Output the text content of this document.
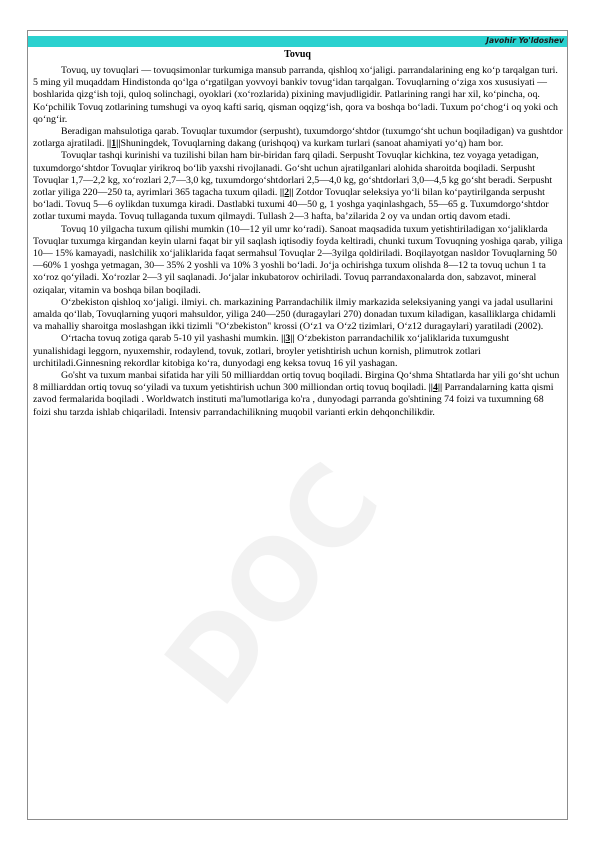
Javohir Yo'ldoshev
Tovuq
DOC

Tovuq, uy tovuqlari — tovuqsimonlar turkumiga mansub parranda, qishloq xo‘jaligi. parrandalarining eng ko‘p tarqalgan turi. 5 ming yil muqaddam Hindistonda qo‘lga o‘rgatilgan yovvoyi bankiv tovug‘idan tarqalgan. Tovuqlarning o‘ziga xos xususiyati — boshlarida qizg‘ish toji, quloq solinchagi, oyoklari (xo‘rozlarida) pixining mavjudligidir. Patlarining rangi har xil, ko‘pincha, oq. Ko‘pchilik Tovuq zotlarining tumshugi va oyoq kafti sariq, qisman oqqizg‘ish, qora va boshqa bo‘ladi. Tuxum po‘chog‘i oq yoki och qo‘ng‘ir.

Beradigan mahsulotiga qarab. Tovuqlar tuxumdor (serpusht), tuxumdorgo‘shtdor (tuxumgo‘sht uchun boqiladigan) va gushtdor zotlarga ajratiladi. ||1||Shuningdek, Tovuqlarning dakang (urishqoq) va kurkam turlari (sanoat ahamiyati yo‘q) ham bor.

Tovuqlar tashqi kurinishi va tuzilishi bilan ham bir-biridan farq qiladi. Serpusht Tovuqlar kichkina, tez voyaga yetadigan, tuxumdorgo‘shtdor Tovuqlar yirikroq bo‘lib yaxshi rivojlanadi. Go‘sht uchun ajratilganlari alohida sharoitda boqiladi. Serpusht Tovuqlar 1,7—2,2 kg, xo‘rozlari 2,7—3,0 kg, tuxumdorgo‘shtdorlari 2,5—4,0 kg, go‘shtdorlari 3,0—4,5 kg go‘sht beradi. Serpusht zotlar yiliga 220—250 ta, ayrimlari 365 tagacha tuxum qiladi. ||2|| Zotdor Tovuqlar seleksiya yo‘li bilan ko‘paytirilganda serpusht bo‘ladi. Tovuq 5—6 oylikdan tuxumga kiradi. Dastlabki tuxumi 40—50 g, 1 yoshga yaqinlashgach, 55—65 g. Tuxumdorgo‘shtdor zotlar tuxumi mayda. Tovuq tullaganda tuxum qilmaydi. Tullash 2—3 hafta, ba’zilarida 2 oy va undan ortiq davom etadi.

Tovuq 10 yilgacha tuxum qilishi mumkin (10—12 yil umr ko‘radi). Sanoat maqsadida tuxum yetishtiriladigan xo‘jaliklarda Tovuqlar tuxumga kirgandan keyin ularni faqat bir yil saqlash iqtisodiy foyda keltiradi, chunki tuxum Tovuqning yoshiga qarab, yiliga 10— 15% kamayadi, naslchilik xo‘jaliklarida faqat sermahsul Tovuqlar 2—3yilga qoldiriladi. Boqilayotgan nasldor Tovuqlarning 50—60% 1 yoshga yetmagan, 30— 35% 2 yoshli va 10% 3 yoshli bo‘ladi. Jo‘ja ochirishga tuxum olishda 8—12 ta tovuq uchun 1 ta xo‘roz qo‘yiladi. Xo‘rozlar 2—3 yil saqlanadi. Jo‘jalar inkubatorov ochiriladi. Tovuq parrandaxonalarda don, sabzavot, mineral oziqalar, vitamin va boshqa bilan boqiladi.

O‘zbekiston qishloq xo‘jaligi. ilmiyi. ch. markazining Parrandachilik ilmiy markazida seleksiyaning yangi va jadal usullarini amalda qo‘llab, Tovuqlarning yuqori mahsuldor, yiliga 240—250 (duragaylari 270) donadan tuxum kiladigan, kasalliklarga chidamli va mahalliy sharoitga moslashgan ikki tizimli "O‘zbekiston" krossi (O‘z1 va O‘z2 tizimlari, O‘z12 duragaylari) yaratiladi (2002).

O‘rtacha tovuq zotiga qarab 5-10 yil yashashi mumkin. ||3|| O‘zbekiston parrandachilik xo‘jaliklarida tuxumgusht yunalishidagi leggorn, nyuxemshir, rodaylend, tovuk, zotlari, broyler yetishtirish uchun kornish, plimutrok zotlari urchitiladi.Ginnesning rekordlar kitobiga ko‘ra, dunyodagi eng keksa tovuq 16 yil yashagan.

Go'sht va tuxum manbai sifatida har yili 50 milliarddan ortiq tovuq boqiladi. Birgina Qo‘shma Shtatlarda har yili go‘sht uchun 8 milliarddan ortiq tovuq so‘yiladi va tuxum yetishtirish uchun 300 milliondan ortiq tovuq boqiladi. ||4|| Parrandalarning katta qismi zavod fermalarida boqiladi . Worldwatch instituti ma'lumotlariga ko'ra , dunyodagi parranda go'shtining 74 foizi va tuxumning 68 foizi shu tarzda ishlab chiqariladi. Intensiv parrandachilikning muqobil varianti erkin dehqonchilikdir.
